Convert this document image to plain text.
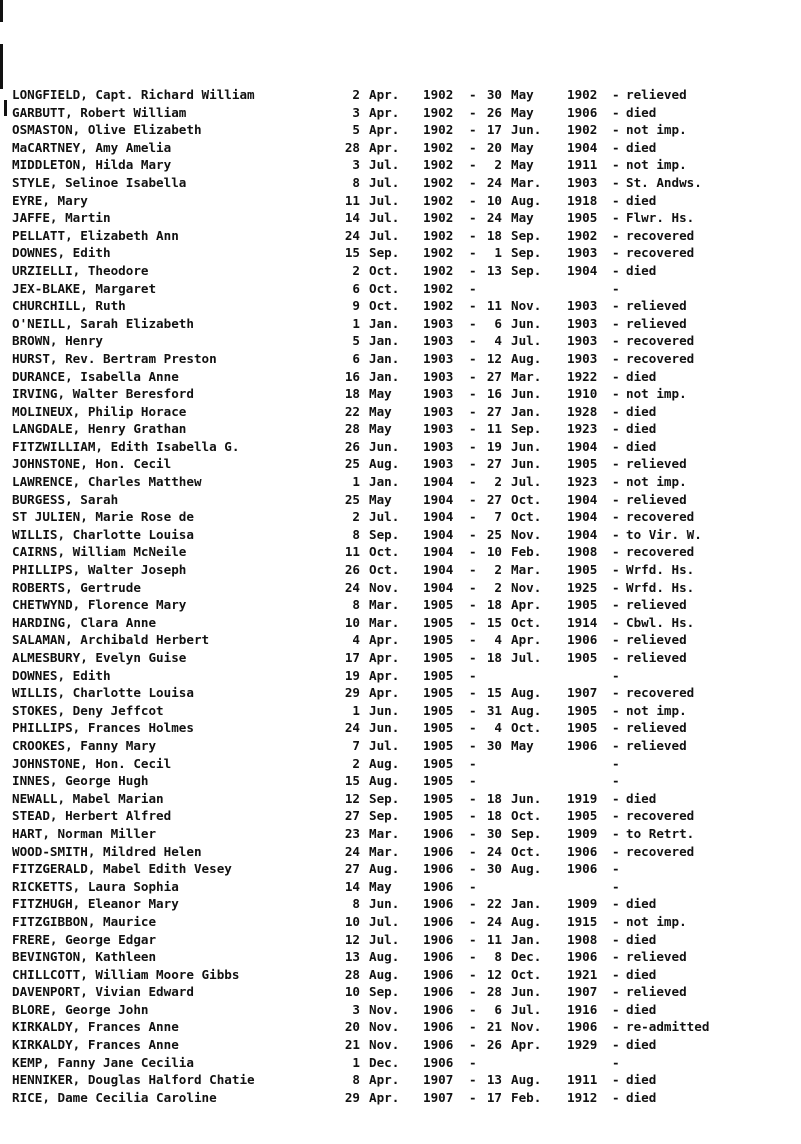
LONGFIELD, Capt. Richard William	2 Apr. 1902 - 30 May	1902 - relieved
GARBUTT, Robert William	3 Apr. 1902 - 26 May	1906 - died
OSMASTON, Olive Elizabeth	5 Apr. 1902 - 17 Jun. 1902 - not imp.
MaCARTNEY, Amy Amelia	28 Apr. 1902 - 20 May	1904 - died
MIDDLETON, Hilda Mary	3 Jul. 1902 -	2 May	1911 - not imp.
STYLE, Selinoe Isabella	8 Jul. 1902 - 24 Mar. 1903 - St. Andws.
EYRE, Mary	11 Jul. 1902 - 10 Aug. 1918 - died
JAFFE, Martin	14 Jul. 1902 - 24 May	1905 - Flwr. Hs.
PELLATT, Elizabeth Ann	24 Jul. 1902 - 18 Sep. 1902 - recovered
DOWNES, Edith	15 Sep. 1902 -	1 Sep. 1903 - recovered
URZIELLI, Theodore	2 Oct. 1902 - 13 Sep. 1904 - died
JEX-BLAKE, Margaret	6 Oct. 1902 -	-
CHURCHILL, Ruth	9 Oct. 1902 - 11 Nov. 1903 - relieved
O'NEILL, Sarah Elizabeth	1 Jan. 1903 -	6 Jun. 1903 - relieved
BROWN, Henry	5 Jan. 1903 -	4 Jul. 1903 - recovered
HURST, Rev. Bertram Preston	6 Jan. 1903 - 12 Aug. 1903 - recovered
DURANCE, Isabella Anne	16 Jan. 1903 - 27 Mar. 1922 - died
IRVING, Walter Beresford	18 May 1903 - 16 Jun. 1910 - not imp.
MOLINEUX, Philip Horace	22 May 1903 - 27 Jan. 1928 - died
LANGDALE, Henry Grathan	28 May 1903 - 11 Sep. 1923 - died
FITZWILLIAM, Edith Isabella G.	26 Jun. 1903 - 19 Jun. 1904 - died
JOHNSTONE, Hon. Cecil	25 Aug. 1903 - 27 Jun. 1905 - relieved
LAWRENCE, Charles Matthew	1 Jan. 1904 -	2 Jul. 1923 - not imp.
BURGESS, Sarah	25 May 1904 - 27 Oct. 1904 - relieved
ST JULIEN, Marie Rose de	2 Jul. 1904 -	7 Oct. 1904 - recovered
WILLIS, Charlotte Louisa	8 Sep. 1904 - 25 Nov. 1904 - to Vir. W.
CAIRNS, William McNeile	11 Oct. 1904 - 10 Feb. 1908 - recovered
PHILLIPS, Walter Joseph	26 Oct. 1904 -	2 Mar. 1905 - Wrfd. Hs.
ROBERTS, Gertrude	24 Nov. 1904 -	2 Nov. 1925 - Wrfd. Hs.
CHETWYND, Florence Mary	8 Mar. 1905 - 18 Apr. 1905 - relieved
HARDING, Clara Anne	10 Mar. 1905 - 15 Oct. 1914 - Cbwl. Hs.
SALAMAN, Archibald Herbert	4 Apr. 1905 -	4 Apr. 1906 - relieved
ALMESBURY, Evelyn Guise	17 Apr. 1905 - 18 Jul. 1905 - relieved
DOWNES, Edith	19 Apr. 1905 -	-
WILLIS, Charlotte Louisa	29 Apr. 1905 - 15 Aug. 1907 - recovered
STOKES, Deny Jeffcot	1 Jun. 1905 - 31 Aug. 1905 - not imp.
PHILLIPS, Frances Holmes	24 Jun. 1905 -	4 Oct. 1905 - relieved
CROOKES, Fanny Mary	7 Jul. 1905 - 30 May	1906 - relieved
JOHNSTONE, Hon. Cecil	2 Aug. 1905 -	-
INNES, George Hugh	15 Aug. 1905 -	-
NEWALL, Mabel Marian	12 Sep. 1905 - 18 Jun. 1919 - died
STEAD, Herbert Alfred	27 Sep. 1905 - 18 Oct. 1905 - recovered
HART, Norman Miller	23 Mar. 1906 - 30 Sep. 1909 - to Retrt.
WOOD-SMITH, Mildred Helen	24 Mar. 1906 - 24 Oct. 1906 - recovered
FITZGERALD, Mabel Edith Vesey	27 Aug. 1906 - 30 Aug. 1906 -
RICKETTS, Laura Sophia	14 May 1906 -	-
FITZHUGH, Eleanor Mary	8 Jun. 1906 - 22 Jan. 1909 - died
FITZGIBBON, Maurice	10 Jul. 1906 - 24 Aug. 1915 - not imp.
FRERE, George Edgar	12 Jul. 1906 - 11 Jan. 1908 - died
BEVINGTON, Kathleen	13 Aug. 1906 -	8 Dec. 1906 - relieved
CHILLCOTT, William Moore Gibbs	28 Aug. 1906 - 12 Oct. 1921 - died
DAVENPORT, Vivian Edward	10 Sep. 1906 - 28 Jun. 1907 - relieved
BLORE, George John	3 Nov. 1906 -	6 Jul. 1916 - died
KIRKALDY, Frances Anne	20 Nov. 1906 - 21 Nov. 1906 - re-admitted
KIRKALDY, Frances Anne	21 Nov. 1906 - 26 Apr. 1929 - died
KEMP, Fanny Jane Cecilia	1 Dec. 1906 -	-
HENNIKER, Douglas Halford Chatie	8 Apr. 1907 - 13 Aug. 1911 - died
RICE, Dame Cecilia Caroline	29 Apr. 1907 - 17 Feb. 1912 - died
